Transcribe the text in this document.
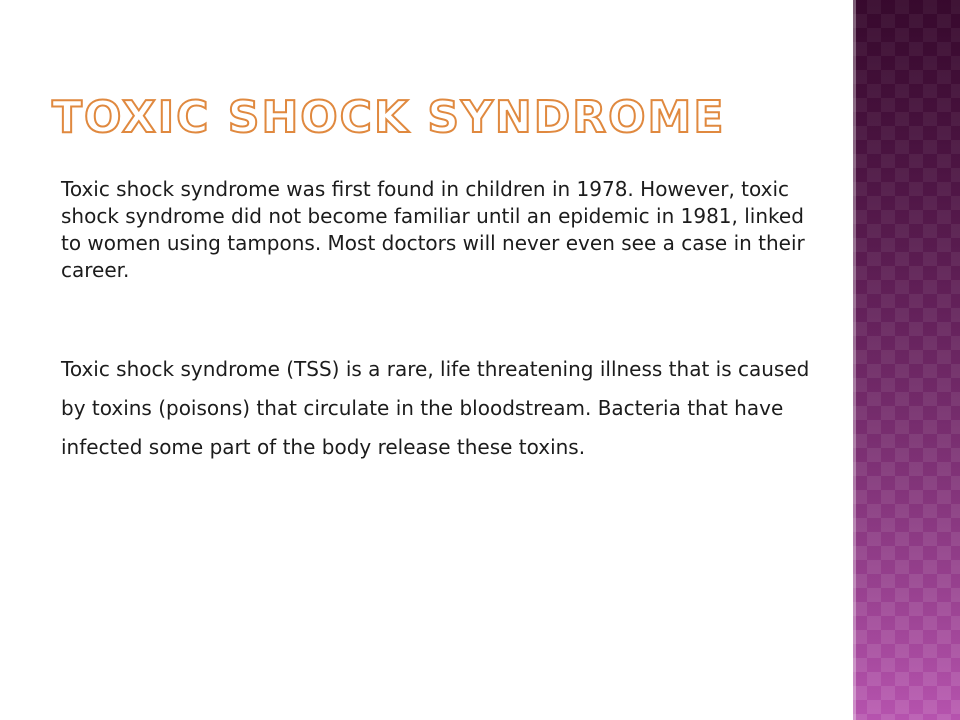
TOXIC SHOCK SYNDROME

Toxic shock syndrome was first found in children in 1978. However, toxic shock syndrome did not become familiar until an epidemic in 1981, linked to women using tampons. Most doctors will never even see a case in their career.

Toxic shock syndrome (TSS) is a rare, life threatening illness that is caused by toxins (poisons) that circulate in the bloodstream. Bacteria that have infected some part of the body release these toxins.
